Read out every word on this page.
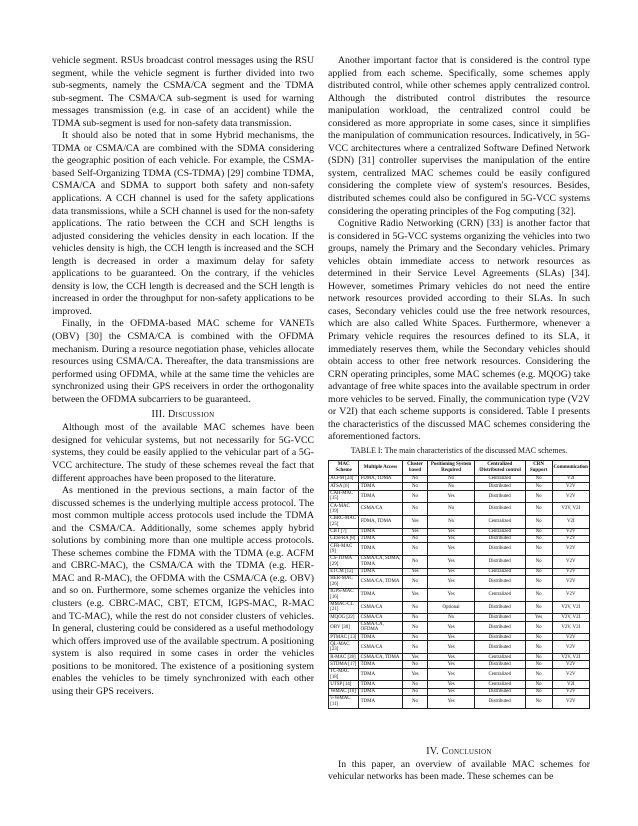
vehicle segment. RSUs broadcast control messages using the RSU segment, while the vehicle segment is further divided into two sub-segments, namely the CSMA/CA segment and the TDMA sub-segment. The CSMA/CA sub-segment is used for warning messages transmission (e.g. in case of an accident) while the TDMA sub-segment is used for non-safety data transmission.

It should also be noted that in some Hybrid mechanisms, the TDMA or CSMA/CA are combined with the SDMA considering the geographic position of each vehicle. For example, the CSMA-based Self-Organizing TDMA (CS-TDMA) [29] combine TDMA, CSMA/CA and SDMA to support both safety and non-safety applications. A CCH channel is used for the safety applications data transmissions, while a SCH channel is used for the non-safety applications. The ratio between the CCH and SCH lengths is adjusted considering the vehicles density in each location. If the vehicles density is high, the CCH length is increased and the SCH length is decreased in order a maximum delay for safety applications to be guaranteed. On the contrary, if the vehicles density is low, the CCH length is decreased and the SCH length is increased in order the throughput for non-safety applications to be improved.

Finally, in the OFDMA-based MAC scheme for VANETs (OBV) [30] the CSMA/CA is combined with the OFDMA mechanism. During a resource negotiation phase, vehicles allocate resources using CSMA/CA. Thereafter, the data transmissions are performed using OFDMA, while at the same time the vehicles are synchronized using their GPS receivers in order the orthogonality between the OFDMA subcarriers to be guaranteed.

III. Discussion

Although most of the available MAC schemes have been designed for vehicular systems, but not necessarily for 5G-VCC systems, they could be easily applied to the vehicular part of a 5G-VCC architecture. The study of these schemes reveal the fact that different approaches have been proposed to the literature.

As mentioned in the previous sections, a main factor of the discussed schemes is the underlying multiple access protocol. The most common multiple access protocols used include the TDMA and the CSMA/CA. Additionally, some schemes apply hybrid solutions by combining more than one multiple access protocols. These schemes combine the FDMA with the TDMA (e.g. ACFM and CBRC-MAC), the CSMA/CA with the TDMA (e.g. HER-MAC and R-MAC), the OFDMA with the CSMA/CA (e.g. OBV) and so on. Furthermore, some schemes organize the vehicles into clusters (e.g. CBRC-MAC, CBT, ETCM, IGPS-MAC, R-MAC and TC-MAC), while the rest do not consider clusters of vehicles. In general, clustering could be considered as a useful methodology which offers improved use of the available spectrum. A positioning system is also required in some cases in order the vehicles positions to be monitored. The existence of a positioning system enables the vehicles to be timely synchronized with each other using their GPS receivers.

Another important factor that is considered is the control type applied from each scheme. Specifically, some schemes apply distributed control, while other schemes apply centralized control. Although the distributed control distributes the resource manipulation workload, the centralized control could be considered as more appropriate in some cases, since it simplifies the manipulation of communication resources. Indicatively, in 5G-VCC architectures where a centralized Software Defined Network (SDN) [31] controller supervises the manipulation of the entire system, centralized MAC schemes could be easily configured considering the complete view of system's resources. Besides, distributed schemes could also be configured in 5G-VCC systems considering the operating principles of the Fog computing [32].

Cognitive Radio Networking (CRN) [33] is another factor that is considered in 5G-VCC systems organizing the vehicles into two groups, namely the Primary and the Secondary vehicles. Primary vehicles obtain immediate access to network resources as determined in their Service Level Agreements (SLAs) [34]. However, sometimes Primary vehicles do not need the entire network resources provided according to their SLAs. In such cases, Secondary vehicles could use the free network resources, which are also called White Spaces. Furthermore, whenever a Primary vehicle requires the resources defined to its SLA, it immediately reserves them, while the Secondary vehicles should obtain access to other free network resources. Considering the CRN operating principles, some MAC schemes (e.g. MQOG) take advantage of free white spaces into the available spectrum in order more vehicles to be served. Finally, the communication type (V2V or V2I) that each scheme supports is considered. Table I presents the characteristics of the discussed MAC schemes considering the aforementioned factors.

TABLE I: The main characteristics of the discussed MAC schemes.
MAC Scheme	Multiple Access	Cluster based	Positioning System Required	Centralized /Distributed control	CRN Support	Communication
ACFM [24]	FDMA, TDMA	No	No	Centralized	No	V2I
ATSA [6]	TDMA	No	No	Distributed	No	V2V
CAH-MAC [15]	TDMA	No	Yes	Distributed	No	V2V
CA-MAC [19]	CSMA/CA	No	No	Distributed	No	V2V, V2I
CBRC-MAC [25]	FDMA, TDMA	Yes	No	Centralized	No	V2I
CBT [7]	TDMA	Yes	Yes	Centralized	No	V2V
CESFRA [8]	TDMA	No	Yes	Distributed	No	V2V
CFR-MAC [9]	TDMA	No	Yes	Distributed	No	V2V
CS-TDMA [29]	CSMA/CA, SDMA, TDMA	No	Yes	Distributed	No	V2V
ETCM [12]	TDMA	Yes	Yes	Centralized	No	V2V
HER-MAC [26]	CSMA/CA, TDMA	No	Yes	Distributed	No	V2V
IGPS-MAC [16]	TDMA	Yes	Yes	Centralized	No	V2V
MMAC-CL [21]	CSMA/CA	No	Optional	Distributed	No	V2V, V2I
MQOG [22]	CSMA/CA	No	No	Distributed	Yes	V2V, V2I
OBV [30]	CSMA/CA, OFDMA	No	Yes	Distributed	No	V2V, V2I
PTMAC [13]	TDMA	No	Yes	Distributed	No	V2V
QL-MAC [23]	CSMA/CA	No	Yes	Distributed	No	V2V
R-MAC [28]	CSMA/CA, TDMA	Yes	Yes	Centralized	No	V2V, V2I
STDMA [17]	TDMA	No	Yes	Distributed	No	V2V
TC-MAC [18]	TDMA	Yes	Yes	Centralized	No	V2V
UTSP [14]	TDMA	No	Yes	Centralized	No	V2I
VeMAC [10]	TDMA	No	Yes	Distributed	No	V2V
v-VeMAC [11]	TDMA	No	Yes	Distributed	No	V2V
IV. Conclusion

In this paper, an overview of available MAC schemes for vehicular networks has been made. These schemes can be
